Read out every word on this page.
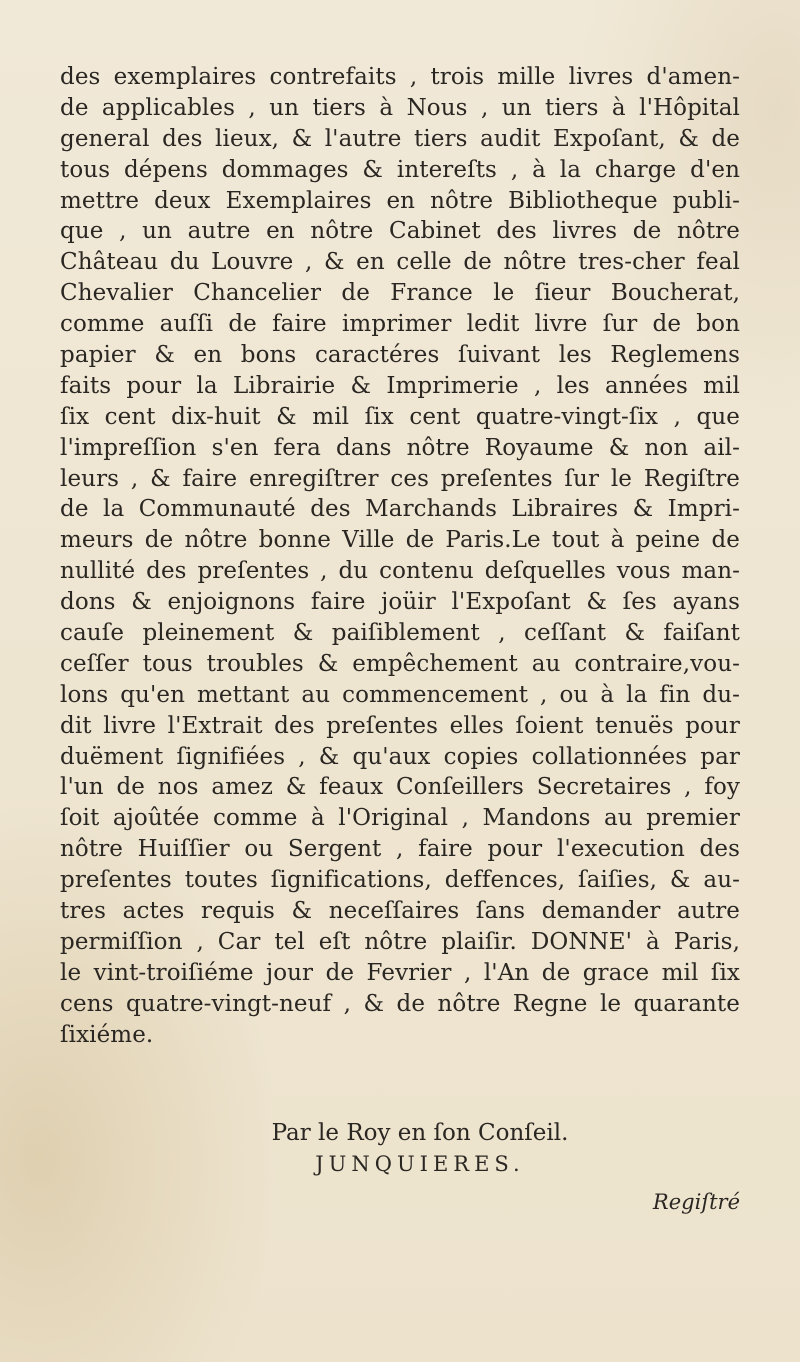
des exemplaires contrefaits , trois mille livres d'amen-
de applicables , un tiers à Nous , un tiers à l'Hôpital
general des lieux, & l'autre tiers audit Expoſant, & de
tous dépens dommages & intereſts , à la charge d'en
mettre deux Exemplaires en nôtre Bibliotheque publi-
que , un autre en nôtre Cabinet des livres de nôtre
Château du Louvre , & en celle de nôtre tres-cher feal
Chevalier Chancelier de France le ſieur Boucherat,
comme auſſi de faire imprimer ledit livre ſur de bon
papier & en bons caractéres ſuivant les Reglemens
faits pour la Librairie & Imprimerie , les années mil
ſix cent dix-huit & mil ſix cent quatre-vingt-ſix , que
l'impreſſion s'en fera dans nôtre Royaume & non ail-
leurs , & faire enregiſtrer ces preſentes ſur le Regiſtre
de la Communauté des Marchands Libraires & Impri-
meurs de nôtre bonne Ville de Paris.Le tout à peine de
nullité des preſentes , du contenu deſquelles vous man-
dons & enjoignons faire joüir l'Expoſant & ſes ayans
cauſe pleinement & paiſiblement , ceſſant & faiſant
ceſſer tous troubles & empêchement au contraire,vou-
lons qu'en mettant au commencement , ou à la fin du-
dit livre l'Extrait des preſentes elles ſoient tenuës pour
duëment ſignifiées , & qu'aux copies collationnées par
l'un de nos amez & feaux Conſeillers Secretaires , foy
ſoit ajoûtée comme à l'Original , Mandons au premier
nôtre Huiſſier ou Sergent , faire pour l'execution des
preſentes toutes ſignifications, deffences, ſaiſies, & au-
tres actes requis & neceſſaires ſans demander autre
permiſſion , Car tel eſt nôtre plaiſir. DONNE' à Paris,
le vint-troiſiéme jour de Fevrier , l'An de grace mil ſix
cens quatre-vingt-neuf , & de nôtre Regne le quarante
ſixiéme.
Par le Roy en ſon Conſeil.
JUNQUIERES.
Regiſtré
